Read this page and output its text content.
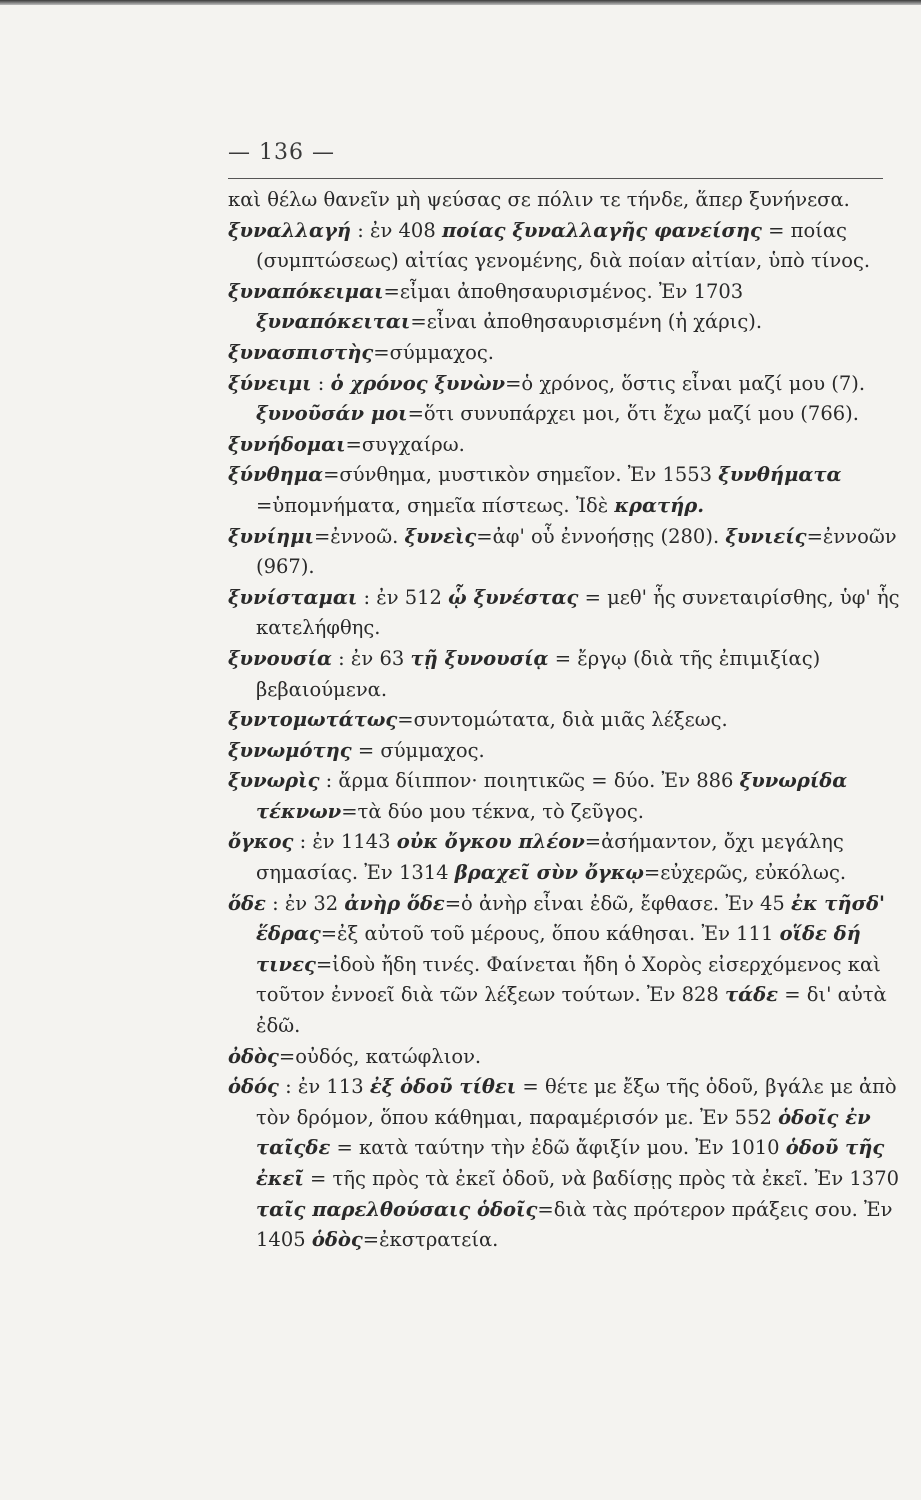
— 136 —

καὶ θέλω θανεῖν μὴ ψεύσας σε πόλιν τε τήνδε, ἅπερ ξυνήνεσα.

ξυναλλαγή : ἐν 408 ποίας ξυναλλαγῆς φανείσης = ποίας (συμπτώσεως) αἰτίας γενομένης, διὰ ποίαν αἰτίαν, ὑπὸ τίνος.

ξυναπόκειμαι=εἶμαι ἀποθησαυρισμένος. Ἐν 1703 ξυναπόκειται=εἶναι ἀποθησαυρισμένη (ἡ χάρις).

ξυνασπιστὴς=σύμμαχος.

ξύνειμι : ὁ χρόνος ξυνὼν=ὁ χρόνος, ὅστις εἶναι μαζί μου (7). ξυνοῦσάν μοι=ὅτι συνυπάρχει μοι, ὅτι ἔχω μαζί μου (766).

ξυνήδομαι=συγχαίρω.

ξύνθημα=σύνθημα, μυστικὸν σημεῖον. Ἐν 1553 ξυνθήματα =ὑπομνήματα, σημεῖα πίστεως. Ἰδὲ κρατήρ.

ξυνίημι=ἐννοῶ. ξυνεὶς=ἀφ' οὗ ἐννοήσῃς (280). ξυνιείς=ἐννοῶν (967).

ξυνίσταμαι : ἐν 512 ᾧ ξυνέστας = μεθ' ἧς συνεταιρίσθης, ὑφ' ἧς κατελήφθης.

ξυνουσία : ἐν 63 τῇ ξυνουσίᾳ = ἔργῳ (διὰ τῆς ἐπιμιξίας) βεβαιούμενα.

ξυντομωτάτως=συντομώτατα, διὰ μιᾶς λέξεως.

ξυνωμότης = σύμμαχος.

ξυνωρὶς : ἅρμα δίιππον· ποιητικῶς = δύο. Ἐν 886 ξυνωρίδα τέκνων=τὰ δύο μου τέκνα, τὸ ζεῦγος.

ὄγκος : ἐν 1143 οὐκ ὄγκου πλέον=ἀσήμαντον, ὄχι μεγάλης σημασίας. Ἐν 1314 βραχεῖ σὺν ὄγκῳ=εὐχερῶς, εὐκόλως.

ὅδε : ἐν 32 ἀνὴρ ὅδε=ὁ ἀνὴρ εἶναι ἐδῶ, ἔφθασε. Ἐν 45 ἐκ τῆσδ' ἕδρας=ἐξ αὐτοῦ τοῦ μέρους, ὅπου κάθησαι. Ἐν 111 οἵδε δή τινες=ἰδοὺ ἤδη τινές. Φαίνεται ἤδη ὁ Χορὸς εἰσερχόμενος καὶ τοῦτον ἐννοεῖ διὰ τῶν λέξεων τούτων. Ἐν 828 τάδε = δι' αὐτὰ ἐδῶ.

ὀδὸς=οὐδός, κατώφλιον.

ὁδός : ἐν 113 ἐξ ὁδοῦ τίθει = θέτε με ἔξω τῆς ὁδοῦ, βγάλε με ἀπὸ τὸν δρόμον, ὅπου κάθημαι, παραμέρισόν με. Ἐν 552 ὁδοῖς ἐν ταῖςδε = κατὰ ταύτην τὴν ἐδῶ ἄφιξίν μου. Ἐν 1010 ὁδοῦ τῆς ἐκεῖ = τῆς πρὸς τὰ ἐκεῖ ὁδοῦ, νὰ βαδίσῃς πρὸς τὰ ἐκεῖ. Ἐν 1370 ταῖς παρελθούσαις ὁδοῖς=διὰ τὰς πρότερον πράξεις σου. Ἐν 1405 ὁδὸς=ἐκστρατεία.
